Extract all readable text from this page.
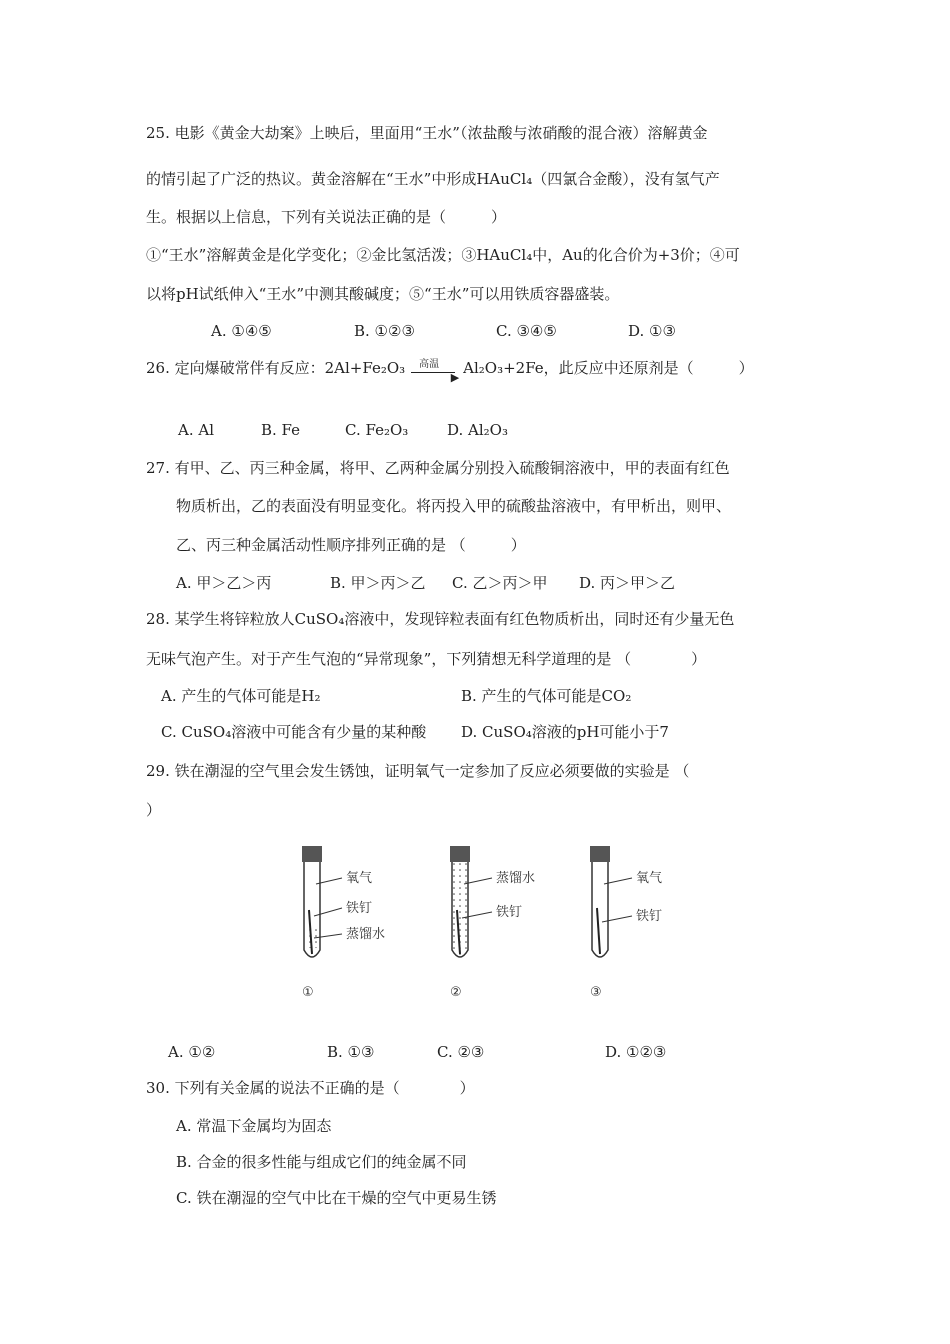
25. 电影《黄金大劫案》上映后，里面用“王水”（浓盐酸与浓硝酸的混合液）溶解黄金
的情引起了广泛的热议。黄金溶解在“王水”中形成HAuCl₄（四氯合金酸），没有氢气产
生。根据以上信息，下列有关说法正确的是（　　　）
①“王水”溶解黄金是化学变化；②金比氢活泼；③HAuCl₄中，Au的化合价为+3价；④可
以将pH试纸伸入“王水”中测其酸碱度；⑤“王水”可以用铁质容器盛装。
A. ①④⑤	B. ①②③	C. ③④⑤	D. ①③
26. 定向爆破常伴有反应：2Al+Fe₂O₃ 高温
▶
Al₂O₃+2Fe，此反应中还原剂是（　　　）
A. Al	B. Fe	C. Fe₂O₃	D. Al₂O₃
27. 有甲、乙、丙三种金属，将甲、乙两种金属分别投入硫酸铜溶液中，甲的表面有红色
物质析出，乙的表面没有明显变化。将丙投入甲的硫酸盐溶液中，有甲析出，则甲、
乙、丙三种金属活动性顺序排列正确的是 （　　　）
A. 甲＞乙＞丙	B. 甲＞丙＞乙 C. 乙＞丙＞甲 D. 丙＞甲＞乙
28. 某学生将锌粒放人CuSO₄溶液中，发现锌粒表面有红色物质析出，同时还有少量无色
无味气泡产生。对于产生气泡的“异常现象”，下列猜想无科学道理的是 （　　　　）
A. 产生的气体可能是H₂	B. 产生的气体可能是CO₂
C. CuSO₄溶液中可能含有少量的某种酸 D. CuSO₄溶液的pH可能小于7
29. 铁在潮湿的空气里会发生锈蚀，证明氧气一定参加了反应必须要做的实验是 （
）
氧气
铁钉
蒸馏水
①
蒸馏水
铁钉
②
氧气
铁钉
③
A. ①②	B. ①③	C. ②③	D. ①②③
30. 下列有关金属的说法不正确的是（　　　　）
A. 常温下金属均为固态
B. 合金的很多性能与组成它们的纯金属不同
C. 铁在潮湿的空气中比在干燥的空气中更易生锈
